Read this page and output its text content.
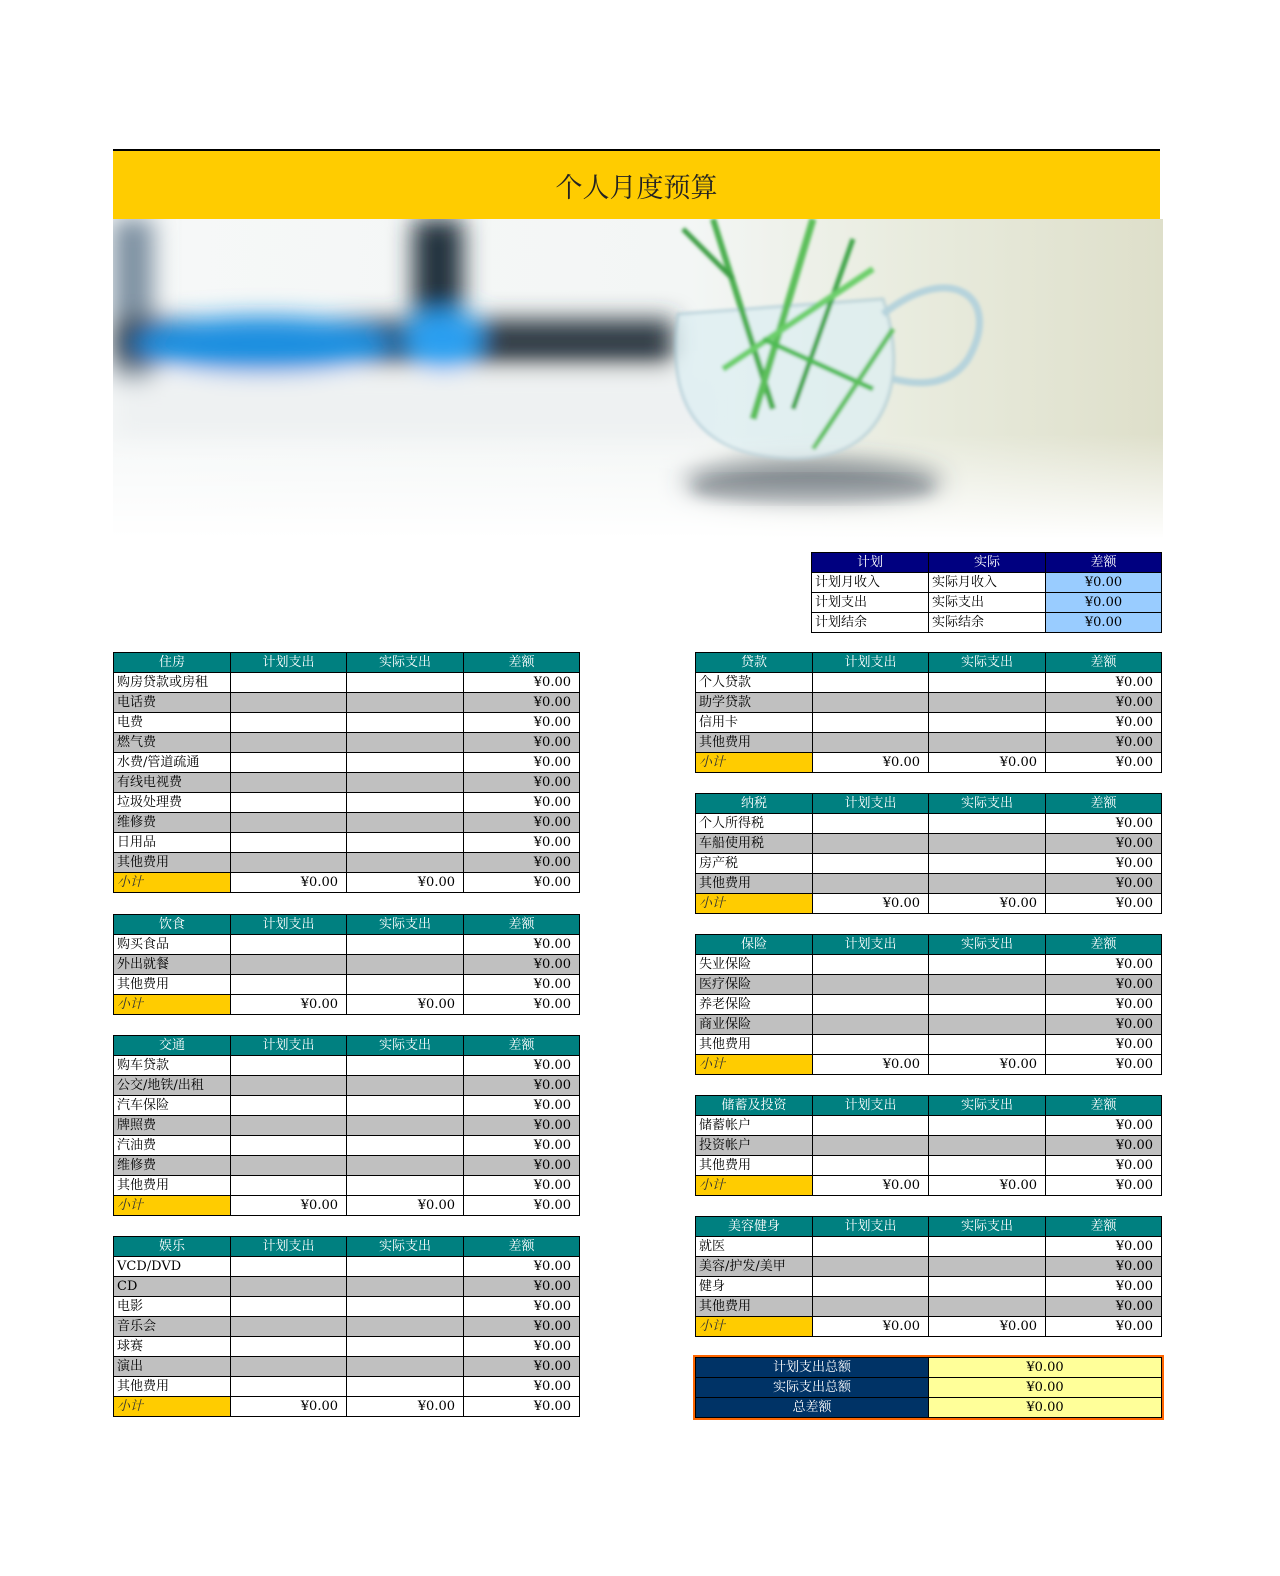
个人月度预算
计划	实际	差额
计划月收入	实际月收入	¥0.00
计划支出	实际支出	¥0.00
计划结余	实际结余	¥0.00
住房	计划支出	实际支出	差额
购房贷款或房租			¥0.00
电话费			¥0.00
电费			¥0.00
燃气费			¥0.00
水费/管道疏通			¥0.00
有线电视费			¥0.00
垃圾处理费			¥0.00
维修费			¥0.00
日用品			¥0.00
其他费用			¥0.00
小计	¥0.00	¥0.00	¥0.00
饮食	计划支出	实际支出	差额
购买食品			¥0.00
外出就餐			¥0.00
其他费用			¥0.00
小计	¥0.00	¥0.00	¥0.00
交通	计划支出	实际支出	差额
购车贷款			¥0.00
公交/地铁/出租			¥0.00
汽车保险			¥0.00
牌照费			¥0.00
汽油费			¥0.00
维修费			¥0.00
其他费用			¥0.00
小计	¥0.00	¥0.00	¥0.00
娱乐	计划支出	实际支出	差额
VCD/DVD			¥0.00
CD			¥0.00
电影			¥0.00
音乐会			¥0.00
球赛			¥0.00
演出			¥0.00
其他费用			¥0.00
小计	¥0.00	¥0.00	¥0.00
贷款	计划支出	实际支出	差额
个人贷款			¥0.00
助学贷款			¥0.00
信用卡			¥0.00
其他费用			¥0.00
小计	¥0.00	¥0.00	¥0.00
纳税	计划支出	实际支出	差额
个人所得税			¥0.00
车船使用税			¥0.00
房产税			¥0.00
其他费用			¥0.00
小计	¥0.00	¥0.00	¥0.00
保险	计划支出	实际支出	差额
失业保险			¥0.00
医疗保险			¥0.00
养老保险			¥0.00
商业保险			¥0.00
其他费用			¥0.00
小计	¥0.00	¥0.00	¥0.00
储蓄及投资	计划支出	实际支出	差额
储蓄帐户			¥0.00
投资帐户			¥0.00
其他费用			¥0.00
小计	¥0.00	¥0.00	¥0.00
美容健身	计划支出	实际支出	差额
就医			¥0.00
美容/护发/美甲			¥0.00
健身			¥0.00
其他费用			¥0.00
小计	¥0.00	¥0.00	¥0.00
计划支出总额	¥0.00
实际支出总额	¥0.00
总差额	¥0.00
